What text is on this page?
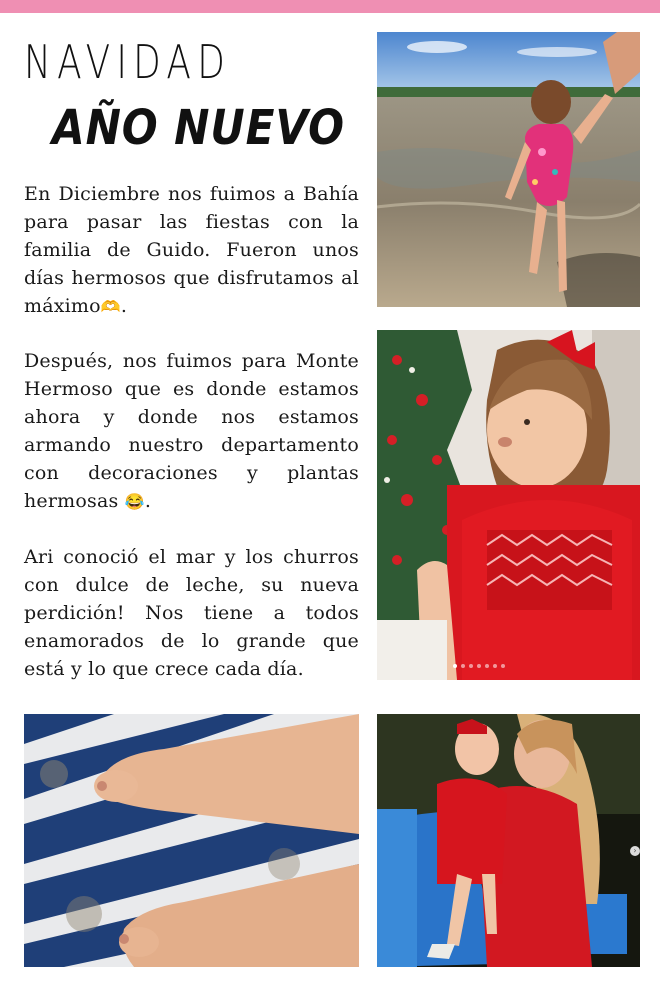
NAVIDAD
AÑO NUEVO

En Diciembre nos fuimos a Bahía para pasar las fiestas con la familia de Guido. Fueron unos días hermosos que disfrutamos al máximo🫶.

Después, nos fuimos para Monte Hermoso que es donde estamos ahora y donde nos estamos armando nuestro departamento con decoraciones y plantas hermosas 😂.

Ari conoció el mar y los churros con dulce de leche, su nueva perdición! Nos tiene a todos enamorados de lo grande que está y lo que crece cada día.

›
